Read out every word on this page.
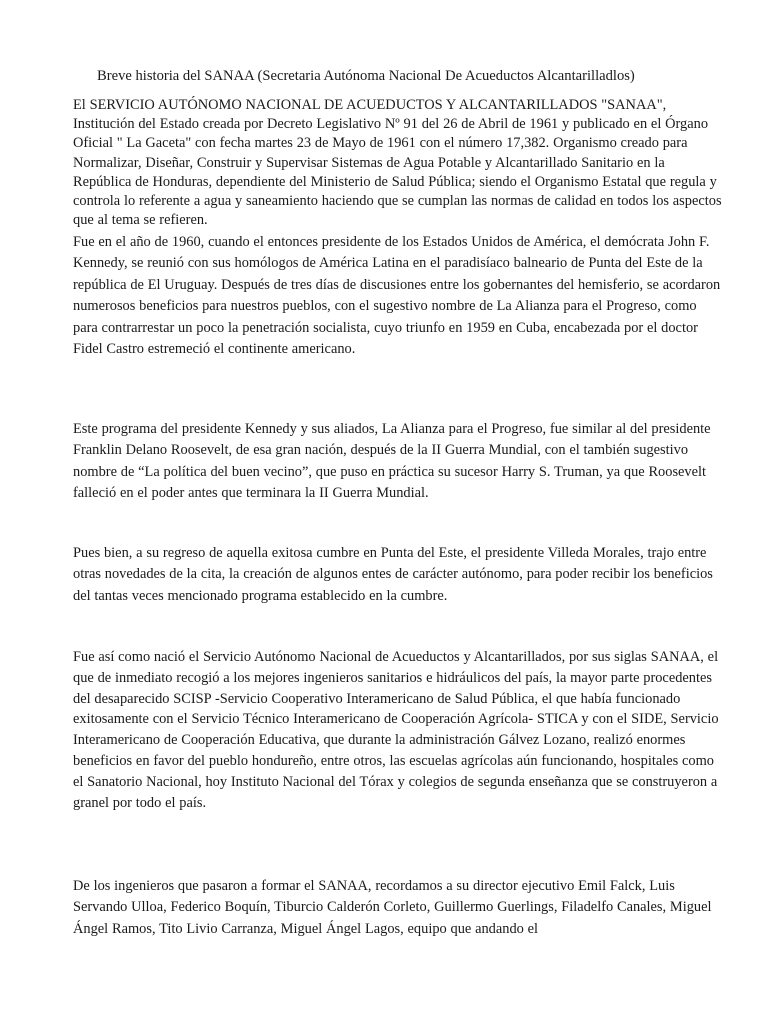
Breve historia del SANAA (Secretaria Autónoma Nacional De Acueductos Alcantarilladlos)
El SERVICIO AUTÓNOMO NACIONAL DE ACUEDUCTOS Y ALCANTARILLADOS "SANAA", Institución del Estado creada por Decreto Legislativo Nº 91 del 26 de Abril de 1961 y publicado en el Órgano Oficial " La Gaceta" con fecha martes 23 de Mayo de 1961 con el número 17,382. Organismo creado para Normalizar, Diseñar, Construir y Supervisar Sistemas de Agua Potable y Alcantarillado Sanitario en la República de Honduras, dependiente del Ministerio de Salud Pública; siendo el Organismo Estatal que regula y controla lo referente a agua y saneamiento haciendo que se cumplan las normas de calidad en todos los aspectos que al tema se refieren.
Fue en el año de 1960, cuando el entonces presidente de los Estados Unidos de América, el demócrata John F. Kennedy, se reunió con sus homólogos de América Latina en el paradisíaco balneario de Punta del Este de la república de El Uruguay. Después de tres días de discusiones entre los gobernantes del hemisferio, se acordaron numerosos beneficios para nuestros pueblos, con el sugestivo nombre de La Alianza para el Progreso, como para contrarrestar un poco la penetración socialista, cuyo triunfo en 1959 en Cuba, encabezada por el doctor Fidel Castro estremeció el continente americano.
Este programa del presidente Kennedy y sus aliados, La Alianza para el Progreso, fue similar al del presidente Franklin Delano Roosevelt, de esa gran nación, después de la II Guerra Mundial, con el también sugestivo nombre de “La política del buen vecino”, que puso en práctica su sucesor Harry S. Truman, ya que Roosevelt falleció en el poder antes que terminara la II Guerra Mundial.
Pues bien, a su regreso de aquella exitosa cumbre en Punta del Este, el presidente Villeda Morales, trajo entre otras novedades de la cita, la creación de algunos entes de carácter autónomo, para poder recibir los beneficios del tantas veces mencionado programa establecido en la cumbre.
Fue así como nació el Servicio Autónomo Nacional de Acueductos y Alcantarillados, por sus siglas SANAA, el que de inmediato recogió a los mejores ingenieros sanitarios e hidráulicos del país, la mayor parte procedentes del desaparecido SCISP -Servicio Cooperativo Interamericano de Salud Pública, el que había funcionado exitosamente con el Servicio Técnico Interamericano de Cooperación Agrícola- STICA y con el SIDE, Servicio Interamericano de Cooperación Educativa, que durante la administración Gálvez Lozano, realizó enormes beneficios en favor del pueblo hondureño, entre otros, las escuelas agrícolas aún funcionando, hospitales como el Sanatorio Nacional, hoy Instituto Nacional del Tórax y colegios de segunda enseñanza que se construyeron a granel por todo el país.
De los ingenieros que pasaron a formar el SANAA, recordamos a su director ejecutivo Emil Falck, Luis Servando Ulloa, Federico Boquín, Tiburcio Calderón Corleto, Guillermo Guerlings, Filadelfo Canales, Miguel Ángel Ramos, Tito Livio Carranza, Miguel Ángel Lagos, equipo que andando el
